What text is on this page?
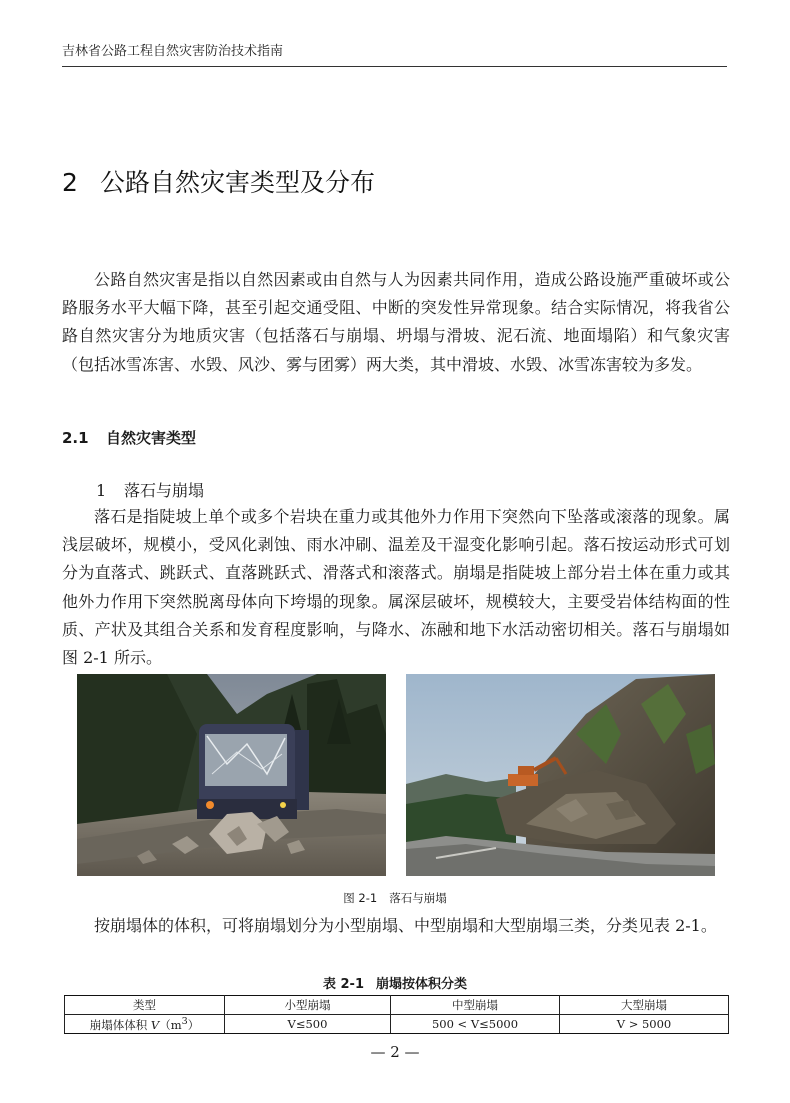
吉林省公路工程自然灾害防治技术指南
2 公路自然灾害类型及分布

公路自然灾害是指以自然因素或由自然与人为因素共同作用，造成公路设施严重破坏或公路服务水平大幅下降，甚至引起交通受阻、中断的突发性异常现象。结合实际情况，将我省公路自然灾害分为地质灾害（包括落石与崩塌、坍塌与滑坡、泥石流、地面塌陷）和气象灾害（包括冰雪冻害、水毁、风沙、雾与团雾）两大类，其中滑坡、水毁、冰雪冻害较为多发。

2.1 自然灾害类型
1 落石与崩塌

落石是指陡坡上单个或多个岩块在重力或其他外力作用下突然向下坠落或滚落的现象。属浅层破坏，规模小，受风化剥蚀、雨水冲刷、温差及干湿变化影响引起。落石按运动形式可划分为直落式、跳跃式、直落跳跃式、滑落式和滚落式。崩塌是指陡坡上部分岩土体在重力或其他外力作用下突然脱离母体向下垮塌的现象。属深层破坏，规模较大，主要受岩体结构面的性质、产状及其组合关系和发育程度影响，与降水、冻融和地下水活动密切相关。落石与崩塌如图 2-1 所示。

图 2-1 落石与崩塌

按崩塌体的体积，可将崩塌划分为小型崩塌、中型崩塌和大型崩塌三类，分类见表 2-1。

表 2-1 崩塌按体积分类
类型	小型崩塌	中型崩塌	大型崩塌
崩塌体体积 $V(m^3)$	V≤500	500 < V≤5000	V > 5000
— 2 —
